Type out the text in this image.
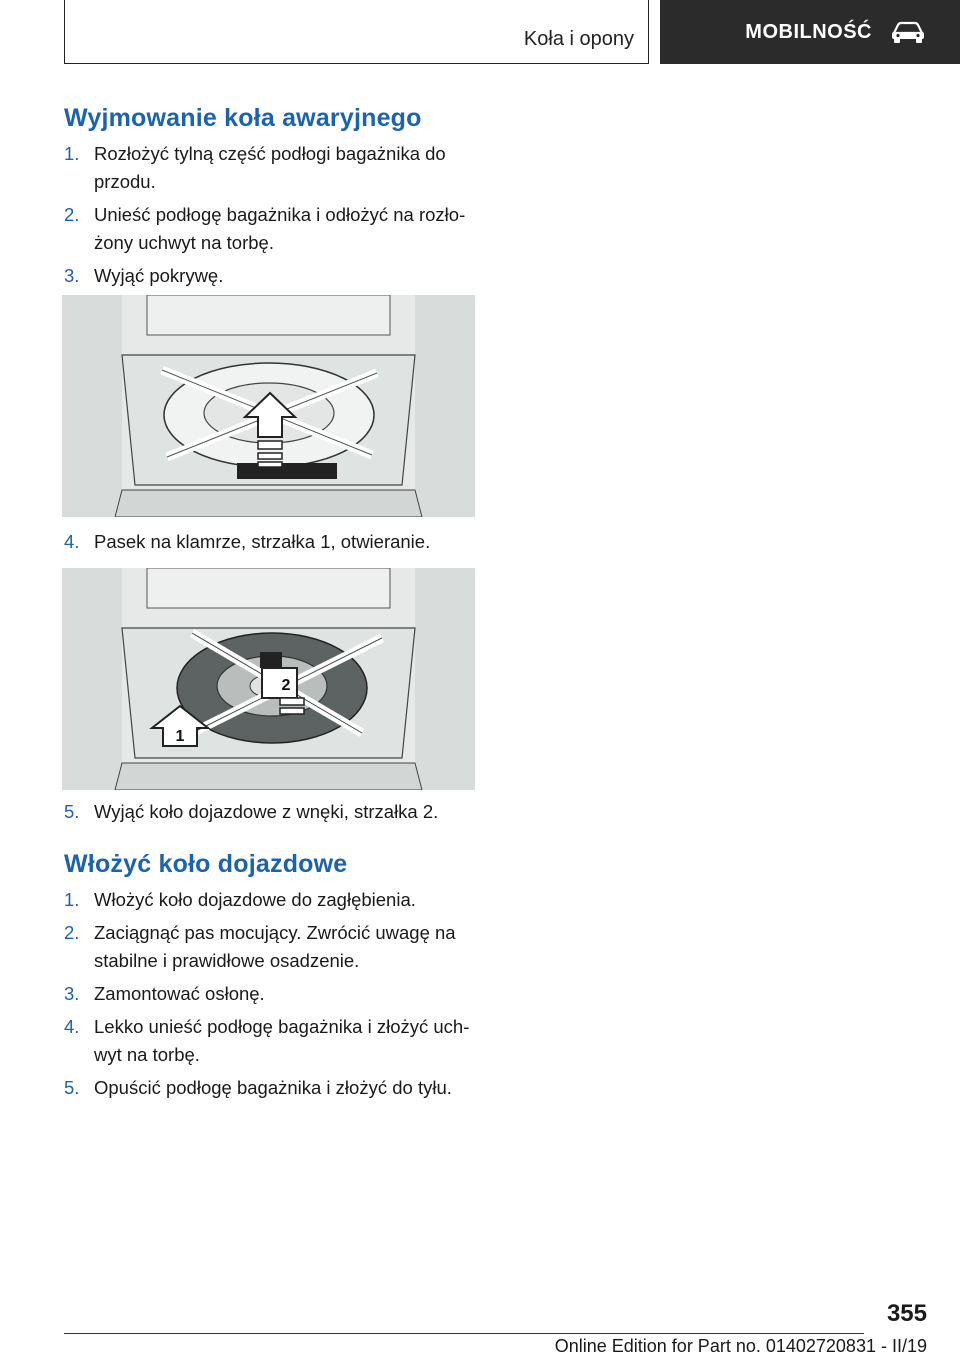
Koła i opony	MOBILNOŚĆ
Wyjmowanie koła awaryjnego
1. Rozłożyć tylną część podłogi bagażnika do
przodu.
2. Unieść podłogę bagażnika i odłożyć na rozło-
żony uchwyt na torbę.
3. Wyjąć pokrywę.
4. Pasek na klamrze, strzałka 1, otwieranie.
1
2
5. Wyjąć koło dojazdowe z wnęki, strzałka 2.
Włożyć koło dojazdowe
1. Włożyć koło dojazdowe do zagłębienia.
2. Zaciągnąć pas mocujący. Zwrócić uwagę na
stabilne i prawidłowe osadzenie.
3. Zamontować osłonę.
4. Lekko unieść podłogę bagażnika i złożyć uch-
wyt na torbę.
5. Opuścić podłogę bagażnika i złożyć do tyłu.
355
Online Edition for Part no. 01402720831 - II/19
